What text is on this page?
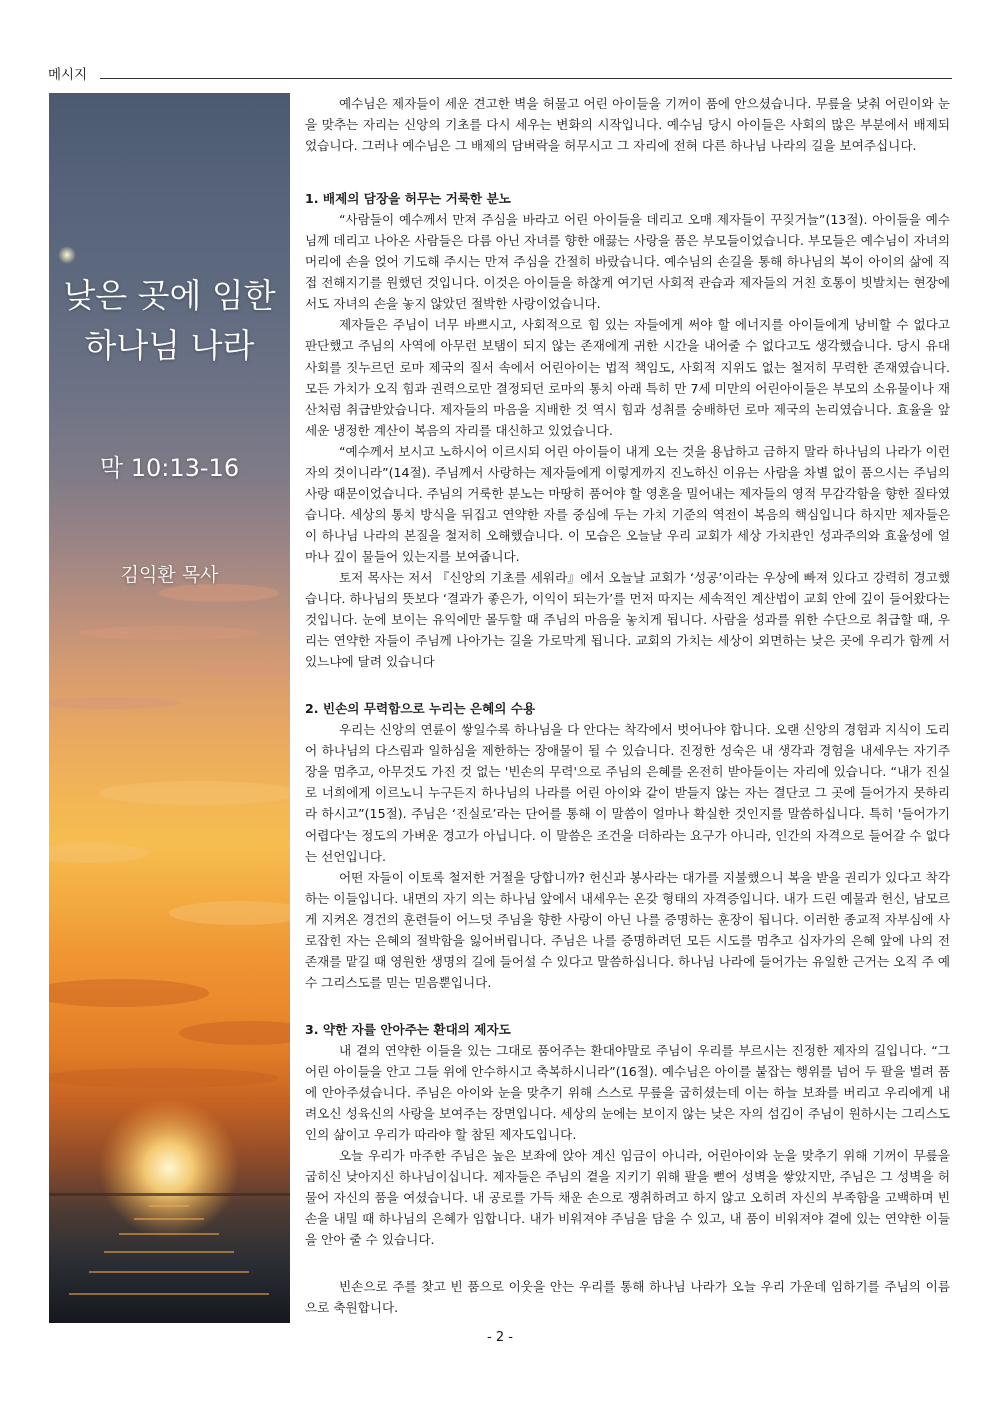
메시지
낮은 곳에 임한
하나님 나라
막 10:13-16
김익환 목사

예수님은 제자들이 세운 견고한 벽을 허물고 어린 아이들을 기꺼이 품에 안으셨습니다. 무릎을 낮춰 어린이와 눈을 맞추는 자리는 신앙의 기초를 다시 세우는 변화의 시작입니다. 예수님 당시 아이들은 사회의 많은 부분에서 배제되었습니다. 그러나 예수님은 그 배제의 담벼락을 허무시고 그 자리에 전혀 다른 하나님 나라의 길을 보여주십니다.

1. 배제의 담장을 허무는 거룩한 분노

“사람들이 예수께서 만져 주심을 바라고 어린 아이들을 데리고 오매 제자들이 꾸짖거늘”(13절). 아이들을 예수님께 데리고 나아온 사람들은 다름 아닌 자녀를 향한 애끓는 사랑을 품은 부모들이었습니다. 부모들은 예수님이 자녀의 머리에 손을 얹어 기도해 주시는 만져 주심을 간절히 바랐습니다. 예수님의 손길을 통해 하나님의 복이 아이의 삶에 직접 전해지기를 원했던 것입니다. 이것은 아이들을 하찮게 여기던 사회적 관습과 제자들의 거친 호통이 빗발치는 현장에서도 자녀의 손을 놓지 않았던 절박한 사랑이었습니다.

제자들은 주님이 너무 바쁘시고, 사회적으로 힘 있는 자들에게 써야 할 에너지를 아이들에게 낭비할 수 없다고 판단했고 주님의 사역에 아무런 보탬이 되지 않는 존재에게 귀한 시간을 내어줄 수 없다고도 생각했습니다. 당시 유대 사회를 짓누르던 로마 제국의 질서 속에서 어린아이는 법적 책임도, 사회적 지위도 없는 철저히 무력한 존재였습니다. 모든 가치가 오직 힘과 권력으로만 결정되던 로마의 통치 아래 특히 만 7세 미만의 어린아이들은 부모의 소유물이나 재산처럼 취급받았습니다. 제자들의 마음을 지배한 것 역시 힘과 성취를 숭배하던 로마 제국의 논리였습니다. 효율을 앞세운 냉정한 계산이 복음의 자리를 대신하고 있었습니다.

“예수께서 보시고 노하시어 이르시되 어린 아이들이 내게 오는 것을 용납하고 금하지 말라 하나님의 나라가 이런 자의 것이니라”(14절). 주님께서 사랑하는 제자들에게 이렇게까지 진노하신 이유는 사람을 차별 없이 품으시는 주님의 사랑 때문이었습니다. 주님의 거룩한 분노는 마땅히 품어야 할 영혼을 밀어내는 제자들의 영적 무감각함을 향한 질타였습니다. 세상의 통치 방식을 뒤집고 연약한 자를 중심에 두는 가치 기준의 역전이 복음의 핵심입니다 하지만 제자들은 이 하나님 나라의 본질을 철저히 오해했습니다. 이 모습은 오늘날 우리 교회가 세상 가치관인 성과주의와 효율성에 얼마나 깊이 물들어 있는지를 보여줍니다.

토저 목사는 저서 『신앙의 기초를 세워라』에서 오늘날 교회가 ‘성공’이라는 우상에 빠져 있다고 강력히 경고했습니다. 하나님의 뜻보다 ‘결과가 좋은가, 이익이 되는가’를 먼저 따지는 세속적인 계산법이 교회 안에 깊이 들어왔다는 것입니다. 눈에 보이는 유익에만 몰두할 때 주님의 마음을 놓치게 됩니다. 사람을 성과를 위한 수단으로 취급할 때, 우리는 연약한 자들이 주님께 나아가는 길을 가로막게 됩니다. 교회의 가치는 세상이 외면하는 낮은 곳에 우리가 함께 서 있느냐에 달려 있습니다

2. 빈손의 무력함으로 누리는 은혜의 수용

우리는 신앙의 연륜이 쌓일수록 하나님을 다 안다는 착각에서 벗어나야 합니다. 오랜 신앙의 경험과 지식이 도리어 하나님의 다스림과 일하심을 제한하는 장애물이 될 수 있습니다. 진정한 성숙은 내 생각과 경험을 내세우는 자기주장을 멈추고, 아무것도 가진 것 없는 '빈손의 무력'으로 주님의 은혜를 온전히 받아들이는 자리에 있습니다. “내가 진실로 너희에게 이르노니 누구든지 하나님의 나라를 어린 아이와 같이 받들지 않는 자는 결단코 그 곳에 들어가지 못하리라 하시고”(15절). 주님은 ‘진실로’라는 단어를 통해 이 말씀이 얼마나 확실한 것인지를 말씀하십니다. 특히 '들어가기 어렵다'는 정도의 가벼운 경고가 아닙니다. 이 말씀은 조건을 더하라는 요구가 아니라, 인간의 자격으로 들어갈 수 없다는 선언입니다.

어떤 자들이 이토록 철저한 거절을 당합니까? 헌신과 봉사라는 대가를 지불했으니 복을 받을 권리가 있다고 착각하는 이들입니다. 내면의 자기 의는 하나님 앞에서 내세우는 온갖 형태의 자격증입니다. 내가 드린 예물과 헌신, 남모르게 지켜온 경건의 훈련들이 어느덧 주님을 향한 사랑이 아닌 나를 증명하는 훈장이 됩니다. 이러한 종교적 자부심에 사로잡힌 자는 은혜의 절박함을 잃어버립니다. 주님은 나를 증명하려던 모든 시도를 멈추고 십자가의 은혜 앞에 나의 전 존재를 맡길 때 영원한 생명의 길에 들어설 수 있다고 말씀하십니다. 하나님 나라에 들어가는 유일한 근거는 오직 주 예수 그리스도를 믿는 믿음뿐입니다.

3. 약한 자를 안아주는 환대의 제자도

내 곁의 연약한 이들을 있는 그대로 품어주는 환대야말로 주님이 우리를 부르시는 진정한 제자의 길입니다. “그 어린 아이들을 안고 그들 위에 안수하시고 축복하시니라”(16절). 예수님은 아이를 붙잡는 행위를 넘어 두 팔을 벌려 품에 안아주셨습니다. 주님은 아이와 눈을 맞추기 위해 스스로 무릎을 굽히셨는데 이는 하늘 보좌를 버리고 우리에게 내려오신 성육신의 사랑을 보여주는 장면입니다. 세상의 눈에는 보이지 않는 낮은 자의 섬김이 주님이 원하시는 그리스도인의 삶이고 우리가 따라야 할 참된 제자도입니다.

오늘 우리가 마주한 주님은 높은 보좌에 앉아 계신 임금이 아니라, 어린아이와 눈을 맞추기 위해 기꺼이 무릎을 굽히신 낮아지신 하나님이십니다. 제자들은 주님의 곁을 지키기 위해 팔을 뻗어 성벽을 쌓았지만, 주님은 그 성벽을 허물어 자신의 품을 여셨습니다. 내 공로를 가득 채운 손으로 쟁취하려고 하지 않고 오히려 자신의 부족함을 고백하며 빈손을 내밀 때 하나님의 은혜가 임합니다. 내가 비워져야 주님을 담을 수 있고, 내 품이 비워져야 곁에 있는 연약한 이들을 안아 줄 수 있습니다.

빈손으로 주를 찾고 빈 품으로 이웃을 안는 우리를 통해 하나님 나라가 오늘 우리 가운데 임하기를 주님의 이름으로 축원합니다.

- 2 -
